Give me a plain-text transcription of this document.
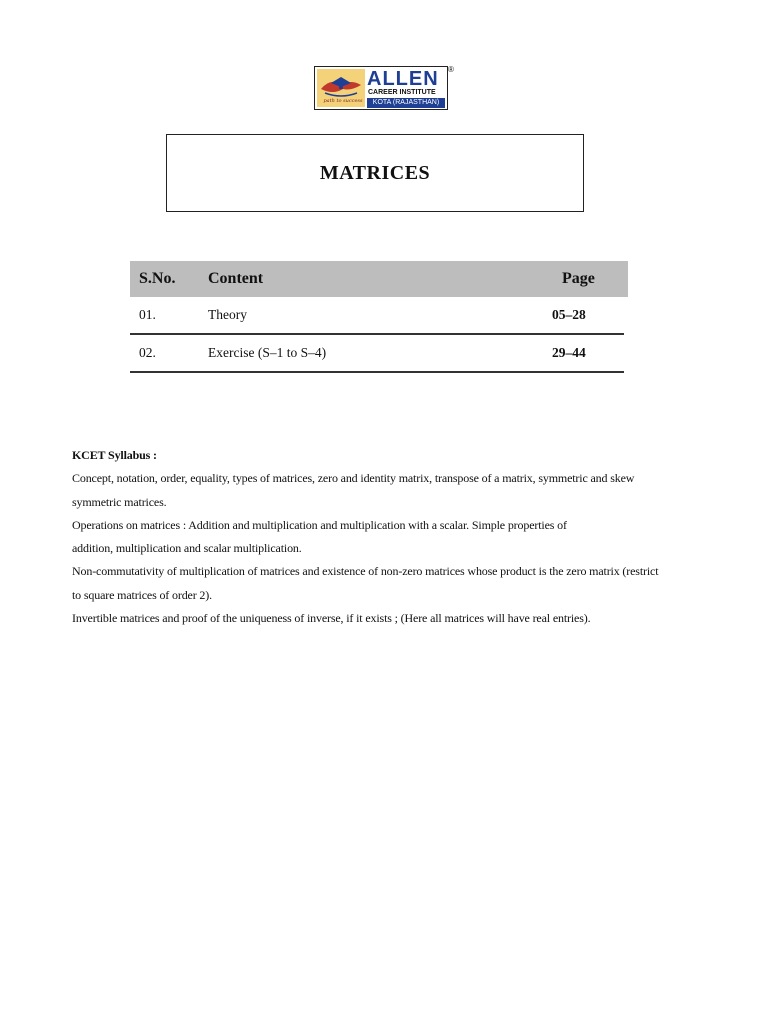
path to success
ALLEN
CAREER INSTITUTE
KOTA (RAJASTHAN)
®
MATRICES
S.No. Content	Page
01.	Theory	05–28
02.	Exercise (S–1 to S–4)	29–44
KCET Syllabus :
Concept, notation, order, equality, types of matrices, zero and identity matrix, transpose of a matrix, symmetric and skew
symmetric matrices.
Operations on matrices : Addition and multiplication and multiplication with a scalar. Simple properties of
addition, multiplication and scalar multiplication.
Non-commutativity of multiplication of matrices and existence of non-zero matrices whose product is the zero matrix (restrict
to square matrices of order 2).
Invertible matrices and proof of the uniqueness of inverse, if it exists ; (Here all matrices will have real entries).
